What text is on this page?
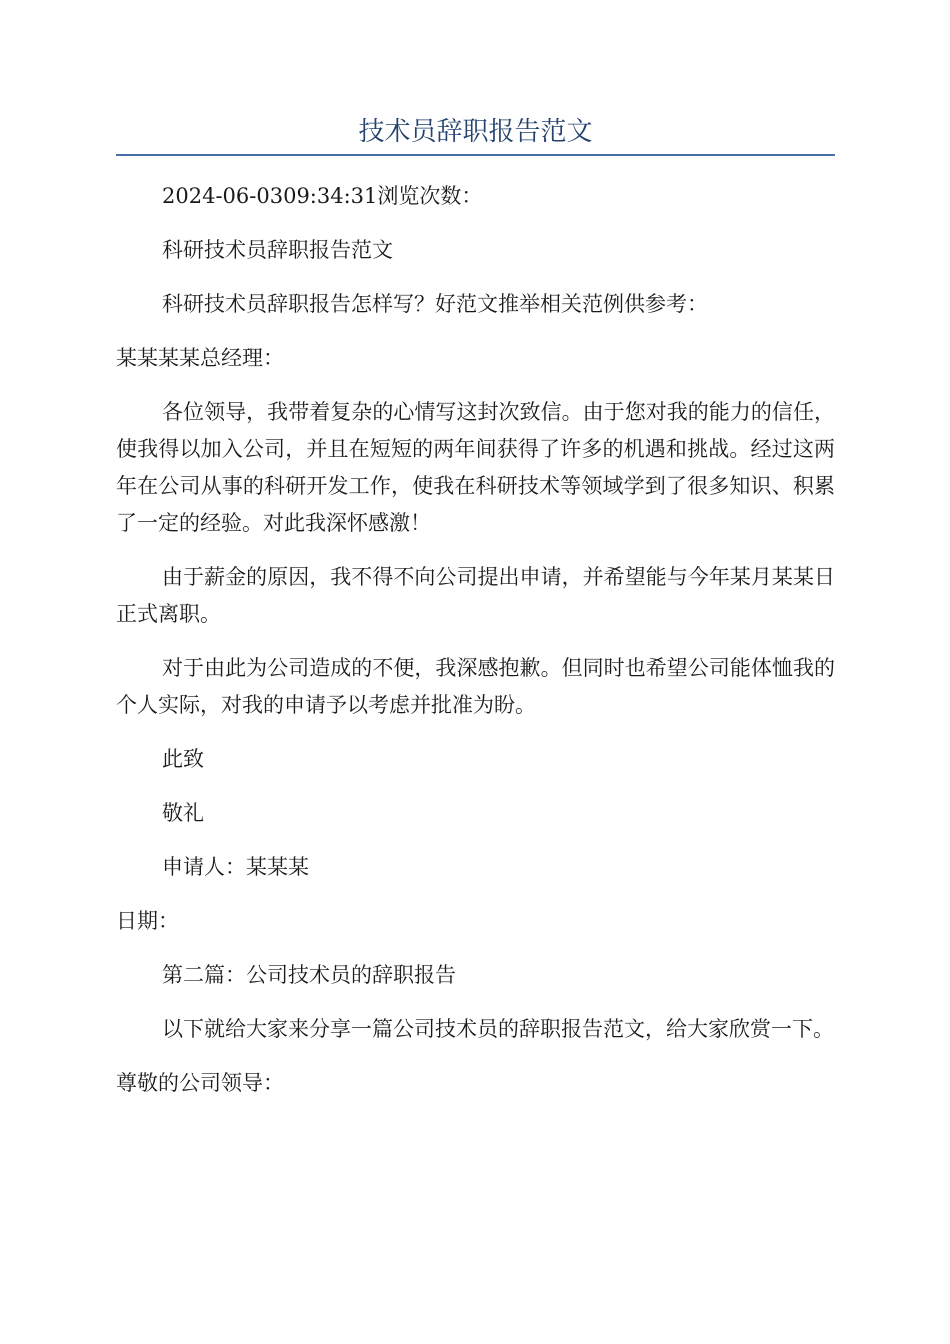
技术员辞职报告范文

2024-06-0309:34:31浏览次数：

科研技术员辞职报告范文

科研技术员辞职报告怎样写？好范文推举相关范例供参考：

某某某某总经理：

各位领导，我带着复杂的心情写这封次致信。由于您对我的能力的信任，使我得以加入公司，并且在短短的两年间获得了许多的机遇和挑战。经过这两年在公司从事的科研开发工作，使我在科研技术等领域学到了很多知识、积累了一定的经验。对此我深怀感激！

由于薪金的原因，我不得不向公司提出申请，并希望能与今年某月某某日正式离职。

对于由此为公司造成的不便，我深感抱歉。但同时也希望公司能体恤我的个人实际，对我的申请予以考虑并批准为盼。

此致

敬礼

申请人：某某某

日期：

第二篇：公司技术员的辞职报告

以下就给大家来分享一篇公司技术员的辞职报告范文，给大家欣赏一下。

尊敬的公司领导：
